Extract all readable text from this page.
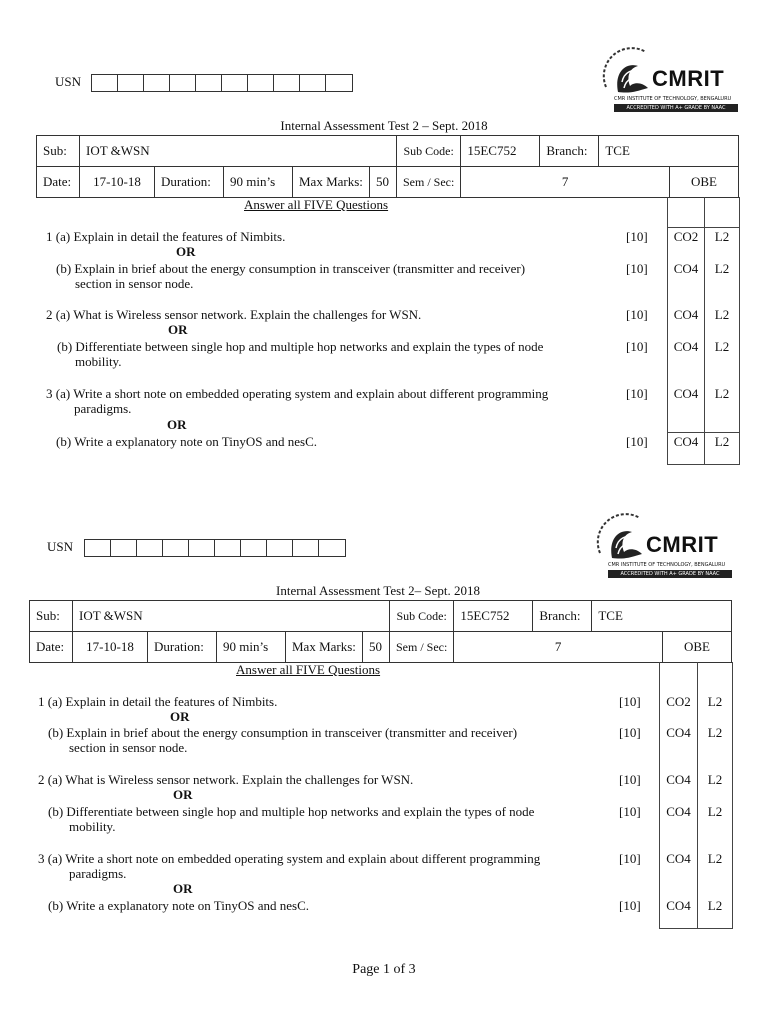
USN	CMRIT
CMR INSTITUTE OF TECHNOLOGY, BENGALURU
ACCREDITED WITH A+ GRADE BY NAAC
Internal Assessment Test 2 – Sept. 2018
Sub:	IOT &WSN					Sub Code:	15EC752	Branch:	TCE	
Date:	17-10-18	Duration:	90 min’s	Max Marks:	50	Sem / Sec:	7			OBE
Answer all FIVE Questions
1 (a) Explain in detail the features of Nimbits.	[10]	CO2	L2
OR
(b) Explain in brief about the energy consumption in transceiver (transmitter and receiver)
section in sensor node.
[10]	CO4	L2
2 (a) What is Wireless sensor network. Explain the challenges for WSN.	[10]	CO4	L2
OR
(b) Differentiate between single hop and multiple hop networks and explain the types of node
mobility.
[10]	CO4	L2
3 (a) Write a short note on embedded operating system and explain about different programming
paradigms.
[10]	CO4	L2
OR
(b) Write a explanatory note on TinyOS and nesC.	[10]	CO4	L2
USN	CMRIT
CMR INSTITUTE OF TECHNOLOGY, BENGALURU
ACCREDITED WITH A+ GRADE BY NAAC
Internal Assessment Test 2– Sept. 2018
Sub:	IOT &WSN					Sub Code:	15EC752	Branch:	TCE	
Date:	17-10-18	Duration:	90 min’s	Max Marks:	50	Sem / Sec:	7			OBE
Answer all FIVE Questions
1 (a) Explain in detail the features of Nimbits.	[10]	CO2	L2
OR
(b) Explain in brief about the energy consumption in transceiver (transmitter and receiver)
section in sensor node.
[10]	CO4	L2
2 (a) What is Wireless sensor network. Explain the challenges for WSN.	[10]	CO4	L2
OR
(b) Differentiate between single hop and multiple hop networks and explain the types of node
mobility.
[10]	CO4	L2
3 (a) Write a short note on embedded operating system and explain about different programming
paradigms.
[10]	CO4	L2
OR
(b) Write a explanatory note on TinyOS and nesC.	[10]	CO4	L2
Page 1 of 3
